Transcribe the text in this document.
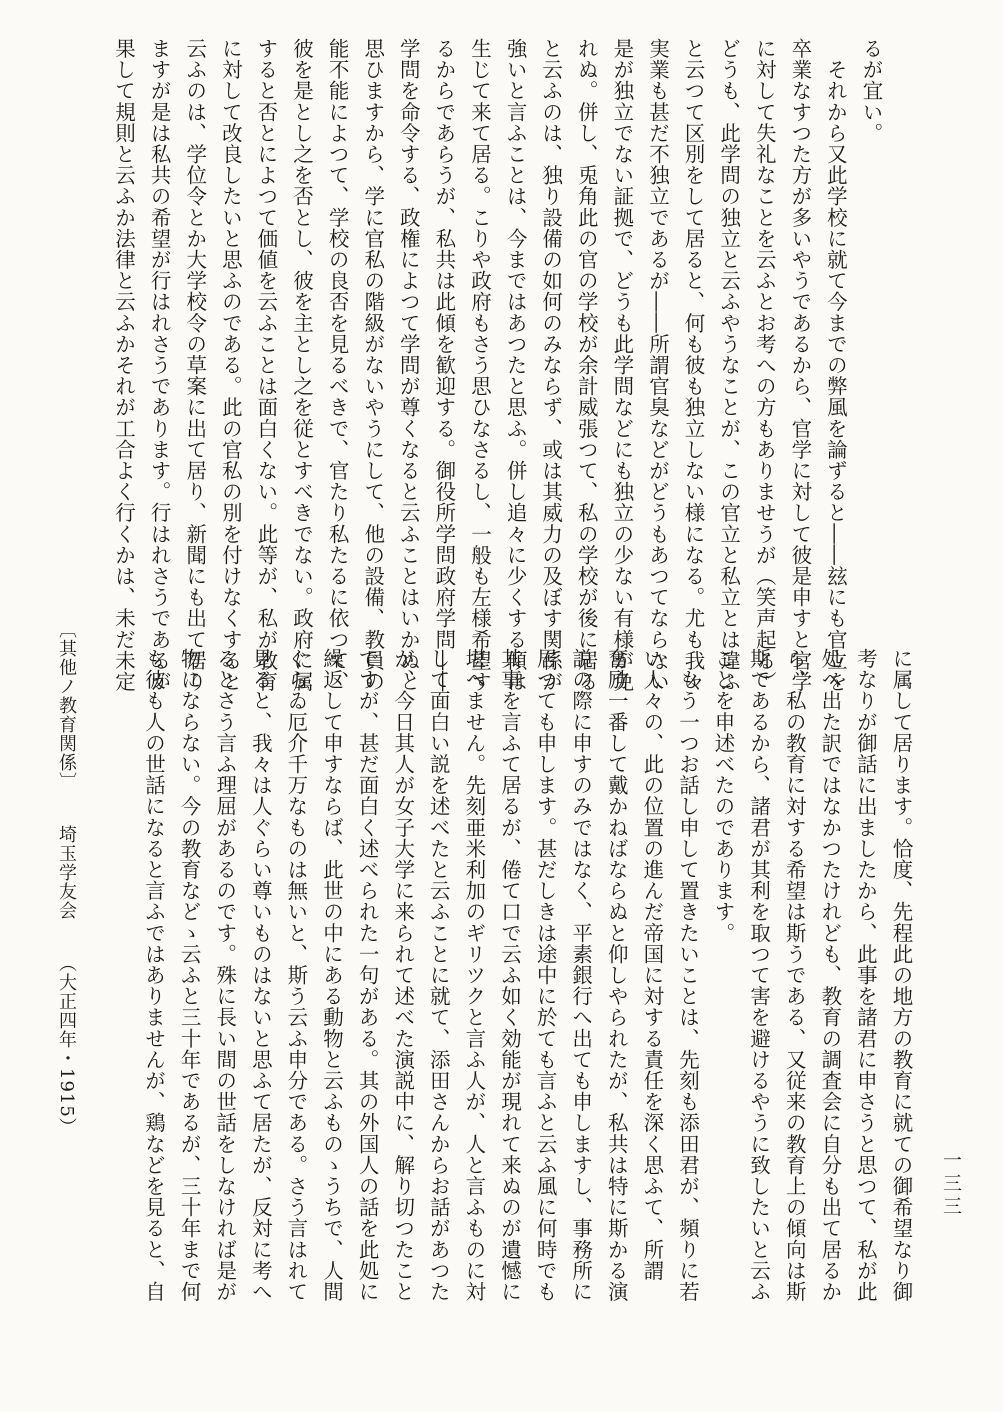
るが宜い。

　それから又此学校に就て今までの弊風を論ずると――玆にも官立を

卒業なすつた方が多いやうであるから、官学に対して彼是申すと官学

に対して失礼なことを云ふとお考への方もありませうが（笑声起る）

どうも、此学問の独立と云ふやうなことが、この官立と私立とは違ふ

と云つて区別をして居ると、何も彼も独立しない様になる。尤も我々

実業も甚だ不独立であるが――所謂官臭などがどうもあつてならない

是が独立でない証拠で、どうも此学問などにも独立の少ない有様が免

れぬ。併し、兎角此の官の学校が余計威張つて、私の学校が後に居る

と云ふのは、独り設備の如何のみならず、或は其威力の及ぼす関係が

強いと言ふことは、今まではあつたと思ふ。併し追々に少くする傾は

生じて来て居る。こりや政府もさう思ひなさるし、一般も左様希望す

るからであらうが、私共は此傾を歓迎する。御役所学問政府学問――

学問を命令する、政権によつて学問が尊くなると云ふことはいかぬと

思ひますから、学に官私の階級がないやうにして、他の設備、教員の

能不能によつて、学校の良否を見るべきで、官たり私たるに依つて、

彼を是とし之を否とし、彼を主とし之を従とすべきでない。政府に属

すると否とによつて価値を云ふことは面白くない。此等が、私が教育

に対して改良したいと思ふのである。此の官私の別を付けなくすると

云ふのは、学位令とか大学校令の草案に出て居り、新聞にも出て居り

ますが是は私共の希望が行はれさうであります。行はれさうであるが

果して規則と云ふか法律と云ふかそれが工合よく行くかは、未だ未定

に属して居ります。恰度、先程此の地方の教育に就ての御希望なり御

考なりが御話に出ましたから、此事を諸君に申さうと思つて、私が此

処へ出た訳ではなかつたけれども、教育の調査会に自分も出て居るか

ら、私の教育に対する希望は斯うである、又従来の教育上の傾向は斯

斯であるから、諸君が其利を取つて害を避けるやうに致したいと云ふ

ことを申述べたのであります。

　もう一つお話し申して置きたいことは、先刻も添田君が、頻りに若

い人々の、此の位置の進んだ帝国に対する責任を深く思ふて、所謂

奮励一番して戴かねばならぬと仰しやられたが、私共は特に斯かる演

説の際に申すのみではなく、平素銀行へ出ても申しますし、事務所に

居つても申します。甚だしきは途中に於ても言ふと云ふ風に何時でも

其事を言ふて居るが、倦て口で云ふ如く効能が現れて来ぬのが遺憾に

堪へません。先刻亜米利加のギリツクと言ふ人が、人と言ふものに対

して面白い説を述べたと云ふことに就て、添田さんからお話があつた

が、今日其人が女子大学に来られて述べた演説中に、解り切つたこと

ですが、甚だ面白く述べられた一句がある。其の外国人の話を此処に

繰返して申すならば、此世の中にある動物と云ふものゝうちで、人間

ぐらゐ厄介千万なものは無いと、斯う云ふ申分である。さう言はれて

見ると、我々は人ぐらい尊いものはないと思ふて居たが、反対に考へ

るとさう言ふ理屈があるのです。殊に長い間の世話をしなければ是が

物にならない。今の教育などゝ云ふと三十年であるが、三十年まで何

も彼も人の世話になると言ふではありませんが、鶏などを見ると、自

〔其他ノ教育関係〕埼玉学友会（大正四年・1915）
一三三
